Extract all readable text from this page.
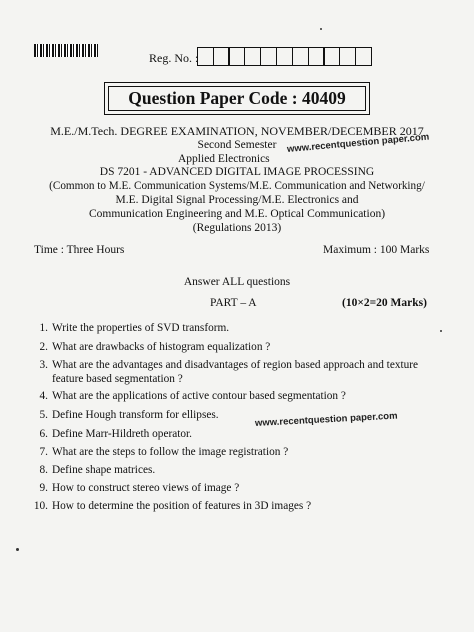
Reg. No. :
Question Paper Code : 40409
M.E./M.Tech. DEGREE EXAMINATION, NOVEMBER/DECEMBER 2017
Second Semester
Applied Electronics
www.recentquestion paper.com
DS 7201 - ADVANCED DIGITAL IMAGE PROCESSING
(Common to M.E. Communication Systems/M.E. Communication and Networking/
M.E. Digital Signal Processing/M.E. Electronics and
Communication Engineering and M.E. Optical Communication)
(Regulations 2013)
Time : Three Hours	Maximum : 100 Marks
Answer ALL questions
PART – A	(10×2=20 Marks)
1. Write the properties of SVD transform.
2. What are drawbacks of histogram equalization ?
3. What are the advantages and disadvantages of region based approach and texture
feature based segmentation ?
4. What are the applications of active contour based segmentation ?
5. Define Hough transform for ellipses.
6. Define Marr-Hildreth operator.
7. What are the steps to follow the image registration ?
8. Define shape matrices.
9. How to construct stereo views of image ?
10. How to determine the position of features in 3D images ?
www.recentquestion paper.com
